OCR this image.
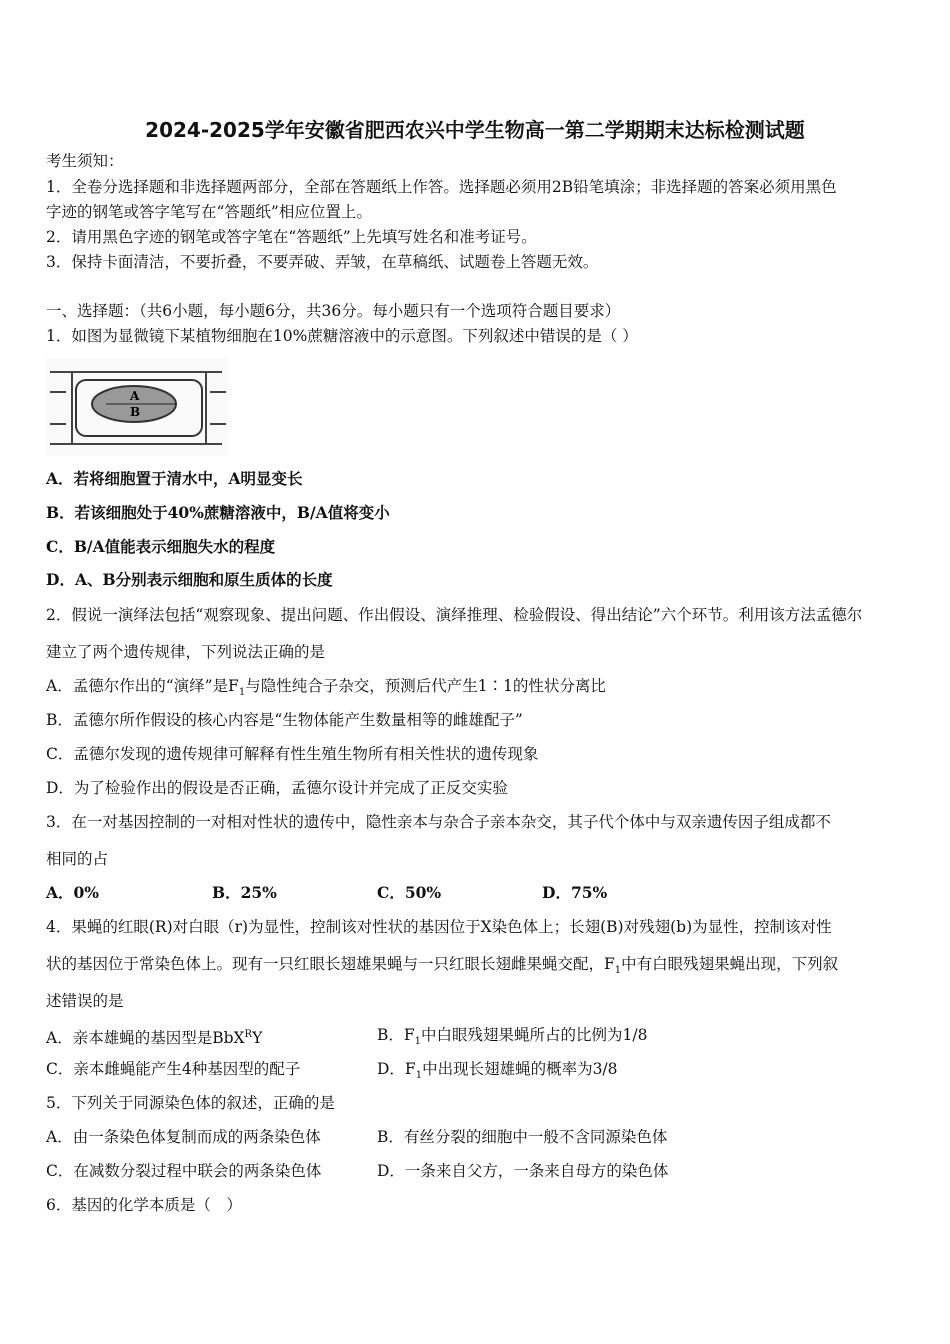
2024-2025学年安徽省肥西农兴中学生物高一第二学期期末达标检测试题
考生须知：
1．全卷分选择题和非选择题两部分，全部在答题纸上作答。选择题必须用2B铅笔填涂；非选择题的答案必须用黑色
字迹的钢笔或答字笔写在“答题纸”相应位置上。
2．请用黑色字迹的钢笔或答字笔在“答题纸”上先填写姓名和准考证号。
3．保持卡面清洁，不要折叠，不要弄破、弄皱，在草稿纸、试题卷上答题无效。
一、选择题：（共6小题，每小题6分，共36分。每小题只有一个选项符合题目要求）
1．如图为显微镜下某植物细胞在10%蔗糖溶液中的示意图。下列叙述中错误的是（ ）
A
B
A．若将细胞置于清水中，A明显变长
B．若该细胞处于40%蔗糖溶液中，B/A值将变小
C．B/A值能表示细胞失水的程度
D．A、B分别表示细胞和原生质体的长度
2．假说一演绎法包括“观察现象、提出问题、作出假设、演绎推理、检验假设、得出结论”六个环节。利用该方法孟德尔
建立了两个遗传规律，下列说法正确的是
A．孟德尔作出的“演绎”是$F_1$与隐性纯合子杂交，预测后代产生1∶1的性状分离比
B．孟德尔所作假设的核心内容是“生物体能产生数量相等的雌雄配子”
C．孟德尔发现的遗传规律可解释有性生殖生物所有相关性状的遗传现象
D．为了检验作出的假设是否正确，孟德尔设计并完成了正反交实验
3．在一对基因控制的一对相对性状的遗传中，隐性亲本与杂合子亲本杂交，其子代个体中与双亲遗传因子组成都不
相同的占
A．0%	B．25%	C．50%	D．75%
4．果蝇的红眼(R)对白眼（r)为显性，控制该对性状的基因位于X染色体上；长翅(B)对残翅(b)为显性，控制该对性
状的基因位于常染色体上。现有一只红眼长翅雄果蝇与一只红眼长翅雌果蝇交配，$F_1$中有白眼残翅果蝇出现，下列叙
述错误的是
A．亲本雄蝇的基因型是BbX$^R$Y	B．$F_1$中白眼残翅果蝇所占的比例为1/8
C．亲本雌蝇能产生4种基因型的配子	D．$F_1$中出现长翅雄蝇的概率为3/8
5．下列关于同源染色体的叙述，正确的是
A．由一条染色体复制而成的两条染色体	B．有丝分裂的细胞中一般不含同源染色体
C．在减数分裂过程中联会的两条染色体	D．一条来自父方，一条来自母方的染色体
6．基因的化学本质是（　）
